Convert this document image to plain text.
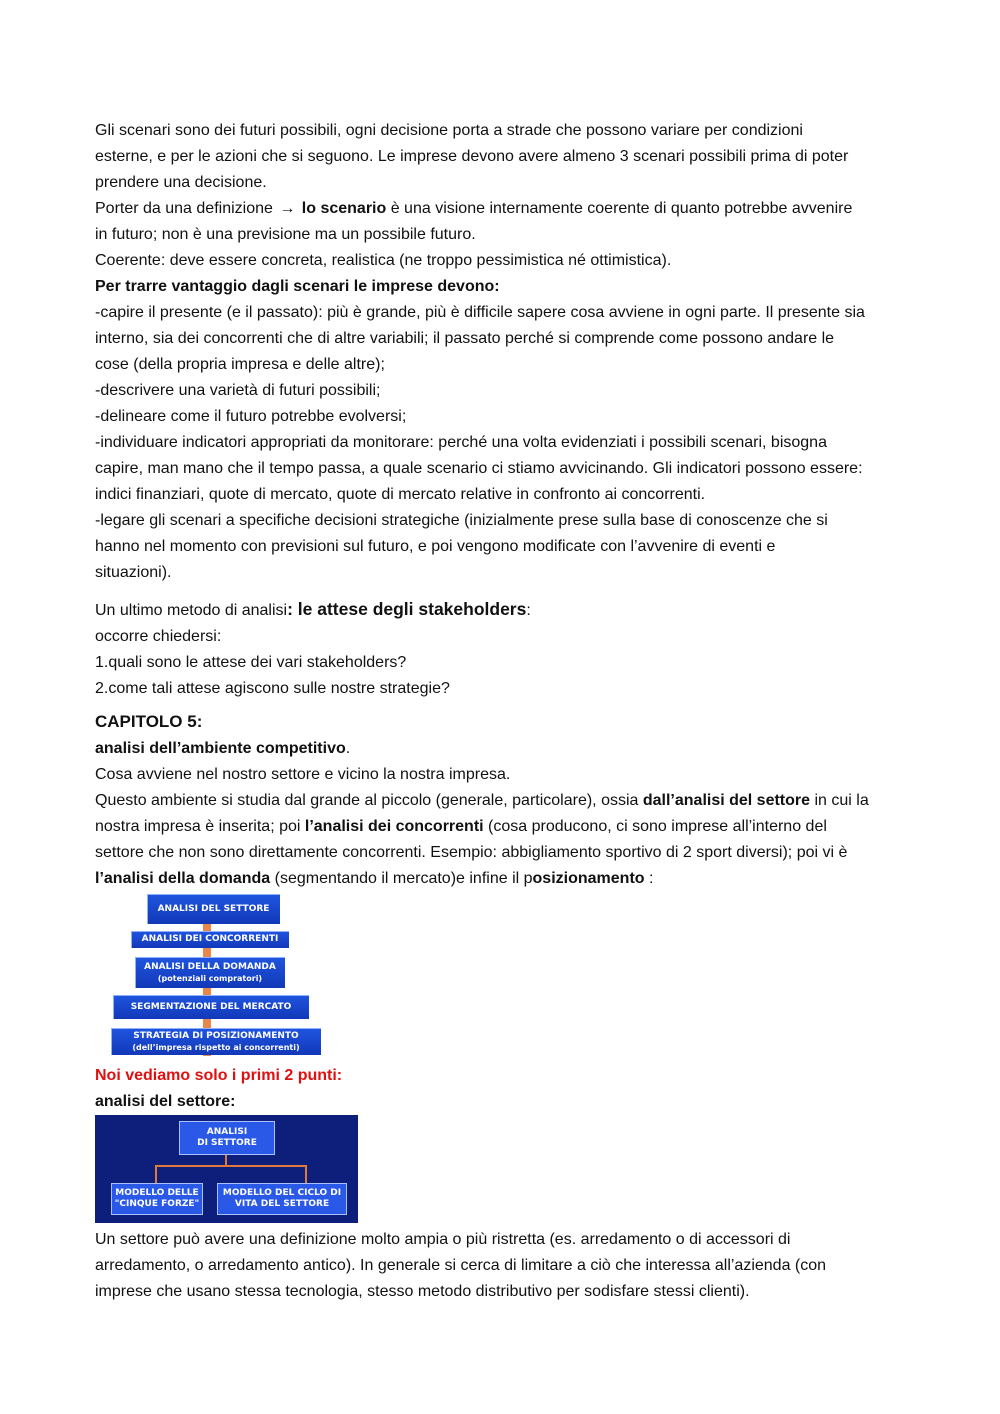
Gli scenari sono dei futuri possibili, ogni decisione porta a strade che possono variare per condizioni

esterne, e per le azioni che si seguono. Le imprese devono avere almeno 3 scenari possibili prima di poter

prendere una decisione.

Porter da una definizione → lo scenario è una visione internamente coerente di quanto potrebbe avvenire

in futuro; non è una previsione ma un possibile futuro.

Coerente: deve essere concreta, realistica (ne troppo pessimistica né ottimistica).

Per trarre vantaggio dagli scenari le imprese devono:

-capire il presente (e il passato): più è grande, più è difficile sapere cosa avviene in ogni parte. Il presente sia

interno, sia dei concorrenti che di altre variabili; il passato perché si comprende come possono andare le

cose (della propria impresa e delle altre);

-descrivere una varietà di futuri possibili;

-delineare come il futuro potrebbe evolversi;

-individuare indicatori appropriati da monitorare: perché una volta evidenziati i possibili scenari, bisogna

capire, man mano che il tempo passa, a quale scenario ci stiamo avvicinando. Gli indicatori possono essere:

indici finanziari, quote di mercato, quote di mercato relative in confronto ai concorrenti.

-legare gli scenari a specifiche decisioni strategiche (inizialmente prese sulla base di conoscenze che si

hanno nel momento con previsioni sul futuro, e poi vengono modificate con l’avvenire di eventi e

situazioni).

Un ultimo metodo di analisi: le attese degli stakeholders:

occorre chiedersi:

1.quali sono le attese dei vari stakeholders?

2.come tali attese agiscono sulle nostre strategie?

CAPITOLO 5:

analisi dell’ambiente competitivo.

Cosa avviene nel nostro settore e vicino la nostra impresa.

Questo ambiente si studia dal grande al piccolo (generale, particolare), ossia dall’analisi del settore in cui la

nostra impresa è inserita; poi l’analisi dei concorrenti (cosa producono, ci sono imprese all’interno del

settore che non sono direttamente concorrenti. Esempio: abbigliamento sportivo di 2 sport diversi); poi vi è

l’analisi della domanda (segmentando il mercato)e infine il posizionamento :

ANALISI DEL SETTORE
ANALISI DEI CONCORRENTI
ANALISI DELLA DOMANDA
(potenziali compratori)
SEGMENTAZIONE DEL MERCATO
STRATEGIA DI POSIZIONAMENTO
(dell’impresa rispetto ai concorrenti)

Noi vediamo solo i primi 2 punti:

analisi del settore:

ANALISI
DI SETTORE
MODELLO DELLE
"CINQUE FORZE"
MODELLO DEL CICLO DI
VITA DEL SETTORE

Un settore può avere una definizione molto ampia o più ristretta (es. arredamento o di accessori di

arredamento, o arredamento antico). In generale si cerca di limitare a ciò che interessa all’azienda (con

imprese che usano stessa tecnologia, stesso metodo distributivo per sodisfare stessi clienti).
